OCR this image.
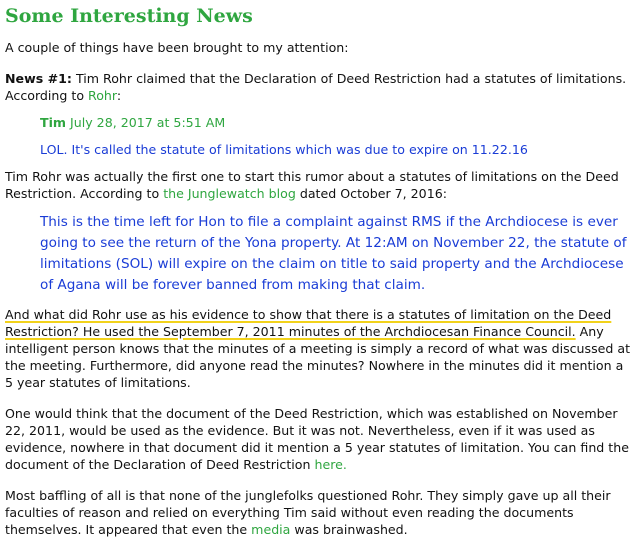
Some Interesting News

A couple of things have been brought to my attention:

News #1: Tim Rohr claimed that the Declaration of Deed Restriction had a statutes of limitations. According to Rohr:

Tim July 28, 2017 at 5:51 AM
LOL. It's called the statute of limitations which was due to expire on 11.22.16

Tim Rohr was actually the first one to start this rumor about a statutes of limitations on the Deed Restriction. According to the Junglewatch blog dated October 7, 2016:

This is the time left for Hon to file a complaint against RMS if the Archdiocese is ever going to see the return of the Yona property. At 12:AM on November 22, the statute of limitations (SOL) will expire on the claim on title to said property and the Archdiocese of Agana will be forever banned from making that claim.

And what did Rohr use as his evidence to show that there is a statutes of limitation on the Deed Restriction? He used the September 7, 2011 minutes of the Archdiocesan Finance Council. Any intelligent person knows that the minutes of a meeting is simply a record of what was discussed at the meeting. Furthermore, did anyone read the minutes? Nowhere in the minutes did it mention a 5 year statutes of limitations.

One would think that the document of the Deed Restriction, which was established on November 22, 2011, would be used as the evidence. But it was not. Nevertheless, even if it was used as evidence, nowhere in that document did it mention a 5 year statutes of limitation. You can find the document of the Declaration of Deed Restriction here.

Most baffling of all is that none of the junglefolks questioned Rohr. They simply gave up all their faculties of reason and relied on everything Tim said without even reading the documents themselves. It appeared that even the media was brainwashed.
